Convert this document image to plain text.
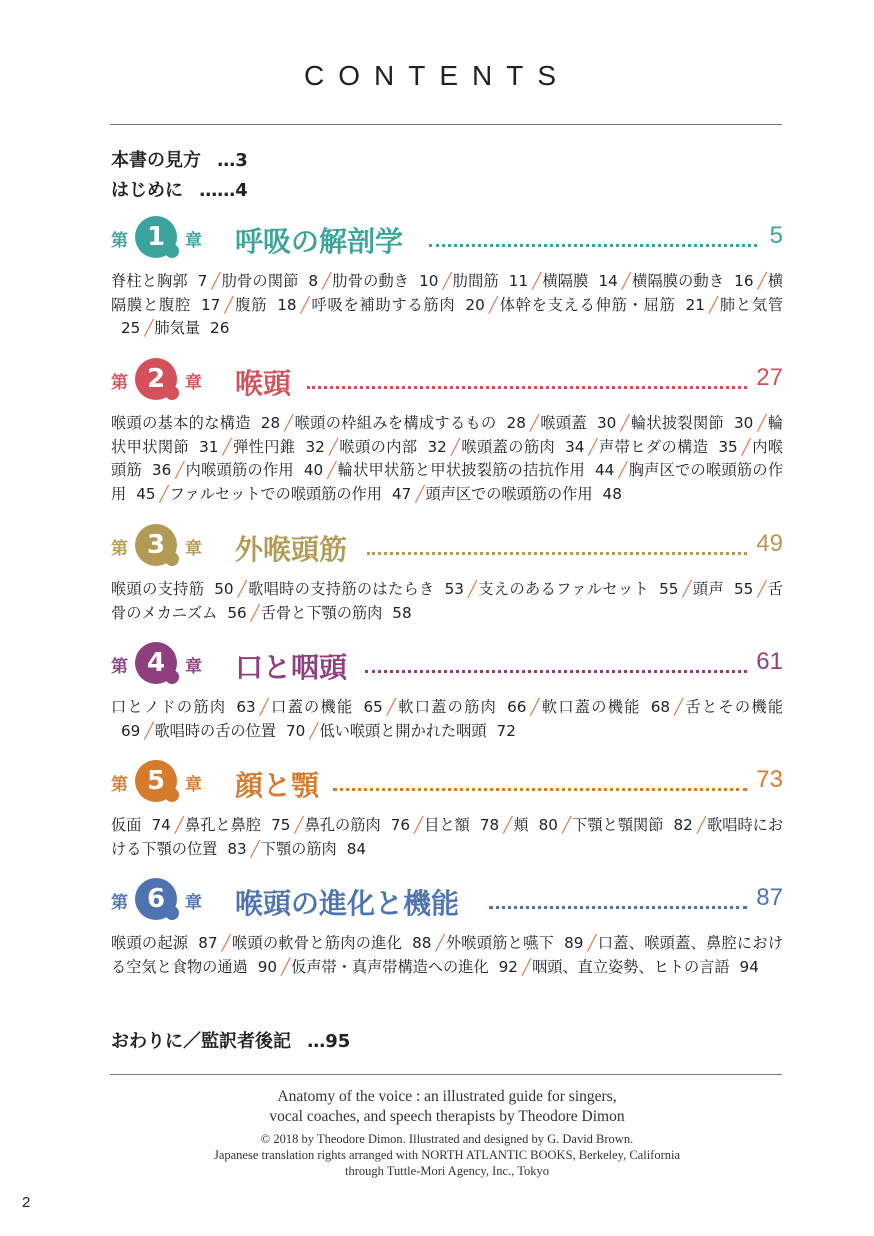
CONTENTS
本書の見方 …3
はじめに ……4
第 1	章 呼吸の解剖学	5
脊柱と胸郭 7 ╱肋骨の関節 8 ╱肋骨の動き 10 ╱肋間筋 11 ╱横隔膜 14 ╱横隔膜の動き 16 ╱横隔膜と腹腔 17 ╱腹筋 18 ╱呼吸を補助する筋肉 20 ╱体幹を支える伸筋・屈筋 21 ╱肺と気管25 ╱肺気量 26
第 2	章 喉頭	27
喉頭の基本的な構造 28 ╱喉頭の枠組みを構成するもの 28 ╱喉頭蓋 30 ╱輪状披裂関節 30 ╱輪状甲状関節 31 ╱弾性円錐 32 ╱喉頭の内部 32 ╱喉頭蓋の筋肉 34 ╱声帯ヒダの構造 35 ╱内喉頭筋 36 ╱内喉頭筋の作用 40 ╱輪状甲状筋と甲状披裂筋の拮抗作用 44 ╱胸声区での喉頭筋の作用 45 ╱ファルセットでの喉頭筋の作用 47 ╱頭声区での喉頭筋の作用 48
第 3	章 外喉頭筋	49
喉頭の支持筋 50 ╱歌唱時の支持筋のはたらき 53 ╱支えのあるファルセット 55 ╱頭声 55 ╱舌骨のメカニズム 56 ╱舌骨と下顎の筋肉 58
第 4	章 口と咽頭	61
口とノドの筋肉 63 ╱口蓋の機能 65 ╱軟口蓋の筋肉 66 ╱軟口蓋の機能 68 ╱舌とその機能69 ╱歌唱時の舌の位置 70 ╱低い喉頭と開かれた咽頭 72
第 5	章 顔と顎	73
仮面 74 ╱鼻孔と鼻腔 75 ╱鼻孔の筋肉 76 ╱目と額 78 ╱頬 80 ╱下顎と顎関節 82 ╱歌唱時における下顎の位置 83 ╱下顎の筋肉 84
第 6	章 喉頭の進化と機能	87
喉頭の起源 87 ╱喉頭の軟骨と筋肉の進化 88 ╱外喉頭筋と嚥下 89 ╱口蓋、喉頭蓋、鼻腔における空気と食物の通過 90 ╱仮声帯・真声帯構造への進化 92 ╱咽頭、直立姿勢、ヒトの言語 94
おわりに／監訳者後記 …95
Anatomy of the voice : an illustrated guide for singers,
vocal coaches, and speech therapists by Theodore Dimon
© 2018 by Theodore Dimon. Illustrated and designed by G. David Brown.
Japanese translation rights arranged with NORTH ATLANTIC BOOKS, Berkeley, California
through Tuttle-Mori Agency, Inc., Tokyo
2
